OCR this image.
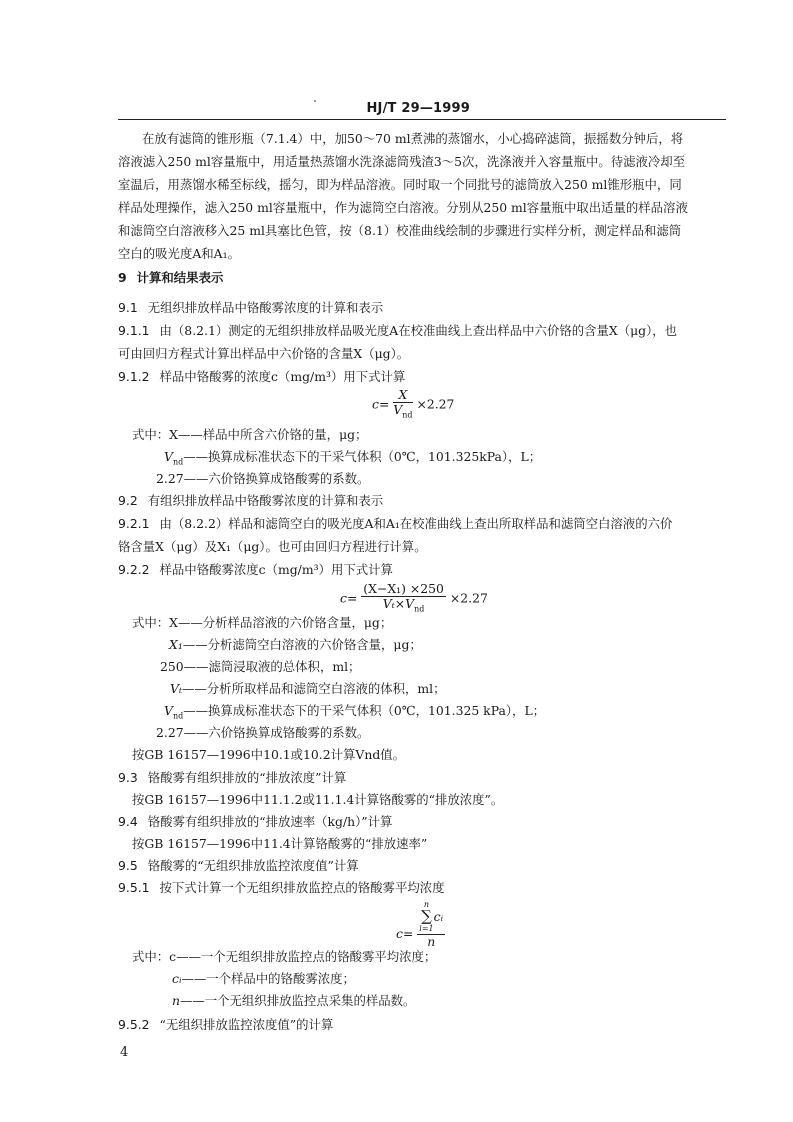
HJ/T 29—1999
在放有滤筒的锥形瓶（7.1.4）中，加50～70 ml煮沸的蒸馏水，小心捣碎滤筒，振摇数分钟后，将
溶液滤入250 ml容量瓶中，用适量热蒸馏水洗涤滤筒残渣3～5次，洗涤液并入容量瓶中。待滤液冷却至
室温后，用蒸馏水稀至标线，摇匀，即为样品溶液。同时取一个同批号的滤筒放入250 ml锥形瓶中，同
样品处理操作，滤入250 ml容量瓶中，作为滤筒空白溶液。分别从250 ml容量瓶中取出适量的样品溶液
和滤筒空白溶液移入25 ml具塞比色管，按（8.1）校准曲线绘制的步骤进行实样分析，测定样品和滤筒
空白的吸光度A和A₁。
9 计算和结果表示
9.1 无组织排放样品中铬酸雾浓度的计算和表示
9.1.1 由（8.2.1）测定的无组织排放样品吸光度A在校准曲线上查出样品中六价铬的含量X（μg），也
可由回归方程式计算出样品中六价铬的含量X（μg）。
9.1.2 样品中铬酸雾的浓度c（mg/m³）用下式计算
$c= \frac{X}{V_{nd}} \times 2.27$
式中：X——样品中所含六价铬的量，μg；
$V_{nd}——$换算成标准状态下的干采气体积（0℃，101.325kPa），L；
2.27——六价铬换算成铬酸雾的系数。
9.2 有组织排放样品中铬酸雾浓度的计算和表示
9.2.1 由（8.2.2）样品和滤筒空白的吸光度A和A₁在校准曲线上查出所取样品和滤筒空白溶液的六价
铬含量X（μg）及X₁（μg）。也可由回归方程进行计算。
9.2.2 样品中铬酸雾浓度c（mg/m³）用下式计算
$c= \frac{\text{(X−X₁) ×250}}{V_t\times V_{nd}} \times 2.27$
式中：X——分析样品溶液的六价铬含量，μg；
X₁——分析滤筒空白溶液的六价铬含量，μg；
250——滤筒浸取液的总体积，ml；
Vₜ——分析所取样品和滤筒空白溶液的体积，ml；
$V_{nd}——$换算成标准状态下的干采气体积（0℃，101.325 kPa），L；
2.27——六价铬换算成铬酸雾的系数。
按GB 16157—1996中10.1或10.2计算Vnd值。
9.3 铬酸雾有组织排放的“排放浓度”计算
按GB 16157—1996中11.1.2或11.1.4计算铬酸雾的“排放浓度”。
9.4 铬酸雾有组织排放的“排放速率（kg/h）”计算
按GB 16157—1996中11.4计算铬酸雾的“排放速率”
9.5 铬酸雾的“无组织排放监控浓度值”计算
9.5.1 按下式计算一个无组织排放监控点的铬酸雾平均浓度
c= n
∑
i=1
cᵢ
n
式中：c——一个无组织排放监控点的铬酸雾平均浓度；
cᵢ——一个样品中的铬酸雾浓度；
n——一个无组织排放监控点采集的样品数。
9.5.2 “无组织排放监控浓度值”的计算
4
